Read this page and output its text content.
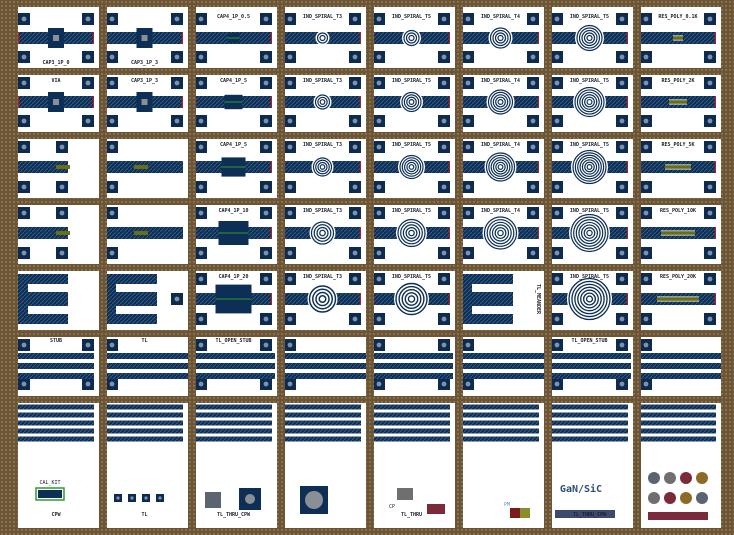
CAP3_1P_0	CAP3_1P_3
CAP4_1P_0.5	IND_SPIRAL_T3	IND_SPIRAL_T5	IND_SPIRAL_T4	IND_SPIRAL_T5	RES_POLY_0.1K
VIA	CAP3_1P_3	CAP4_1P_5	IND_SPIRAL_T3	IND_SPIRAL_T5	IND_SPIRAL_T4	IND_SPIRAL_T5	RES_POLY_2K
CAP4_1P_5	IND_SPIRAL_T3	IND_SPIRAL_T5	IND_SPIRAL_T4	IND_SPIRAL_T5	RES_POLY_5K
CAP4_1P_10	IND_SPIRAL_T3	IND_SPIRAL_T5	IND_SPIRAL_T4	IND_SPIRAL_T5	RES_POLY_10K
CAP4_1P_20	IND_SPIRAL_T3	IND_SPIRAL_T5
TL_MEANDER
IND_SPIRAL_T5	RES_POLY_20K
STUB	TL	TL_OPEN_STUB	TL_OPEN_STUB
CPW
CAL_KIT
TL	TL_THRU_CPW	TL_THRU
CP	PM
TL_THRU_CPW
GaN/SiC
